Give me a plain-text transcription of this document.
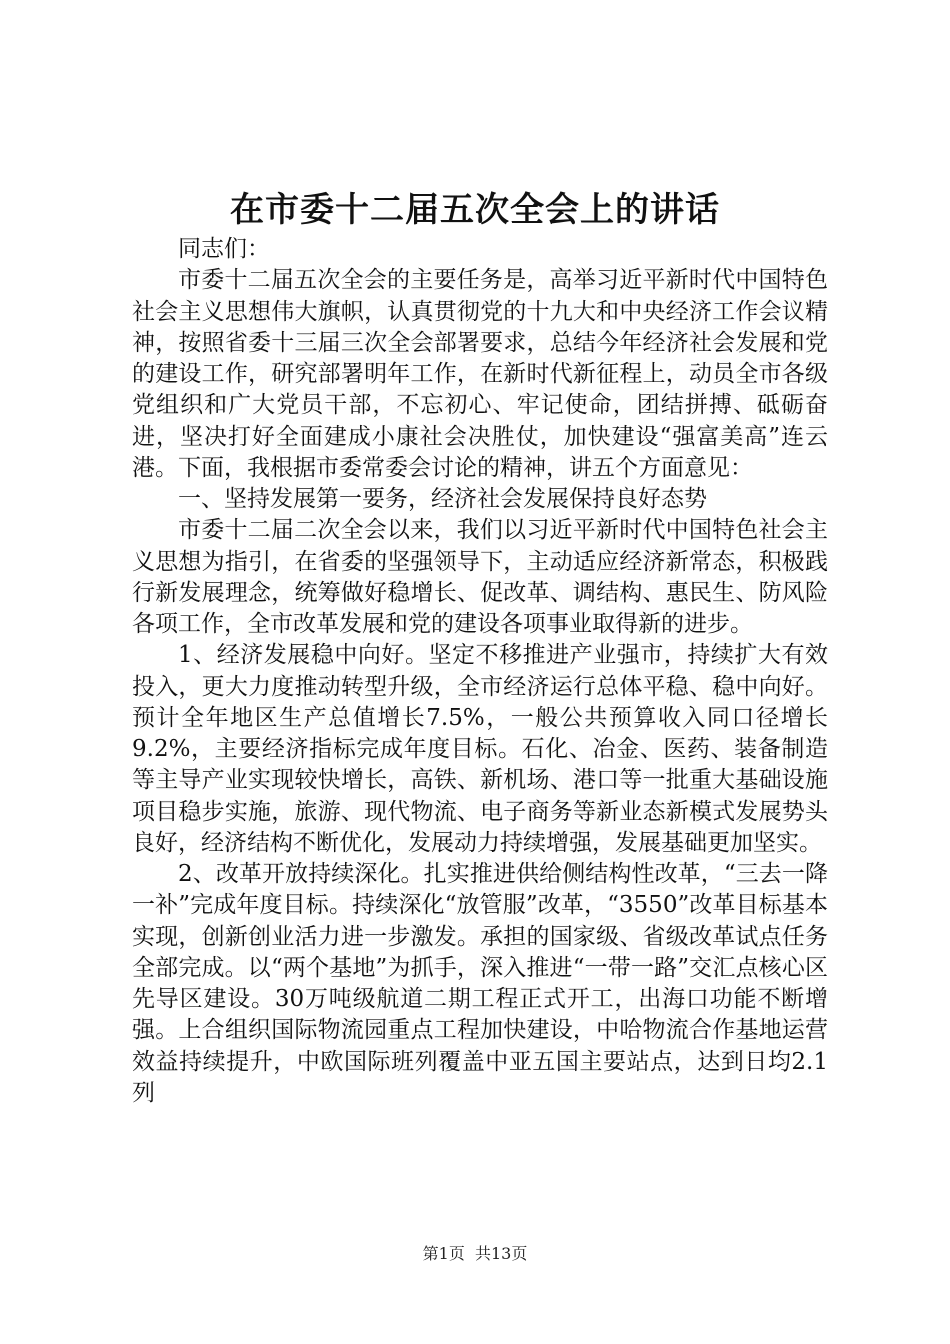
在市委十二届五次全会上的讲话

同志们：

市委十二届五次全会的主要任务是，高举习近平新时代中国特色社会主义思想伟大旗帜，认真贯彻党的十九大和中央经济工作会议精神，按照省委十三届三次全会部署要求，总结今年经济社会发展和党的建设工作，研究部署明年工作，在新时代新征程上，动员全市各级党组织和广大党员干部，不忘初心、牢记使命，团结拼搏、砥砺奋进，坚决打好全面建成小康社会决胜仗，加快建设“强富美高”连云港。下面，我根据市委常委会讨论的精神，讲五个方面意见：

一、坚持发展第一要务，经济社会发展保持良好态势

市委十二届二次全会以来，我们以习近平新时代中国特色社会主义思想为指引，在省委的坚强领导下，主动适应经济新常态，积极践行新发展理念，统筹做好稳增长、促改革、调结构、惠民生、防风险各项工作，全市改革发展和党的建设各项事业取得新的进步。

1、经济发展稳中向好。坚定不移推进产业强市，持续扩大有效投入，更大力度推动转型升级，全市经济运行总体平稳、稳中向好。预计全年地区生产总值增长7.5%，一般公共预算收入同口径增长9.2%，主要经济指标完成年度目标。石化、冶金、医药、装备制造等主导产业实现较快增长，高铁、新机场、港口等一批重大基础设施项目稳步实施，旅游、现代物流、电子商务等新业态新模式发展势头良好，经济结构不断优化，发展动力持续增强，发展基础更加坚实。

2、改革开放持续深化。扎实推进供给侧结构性改革，“三去一降一补”完成年度目标。持续深化“放管服”改革，“3550”改革目标基本实现，创新创业活力进一步激发。承担的国家级、省级改革试点任务全部完成。以“两个基地”为抓手，深入推进“一带一路”交汇点核心区先导区建设。30万吨级航道二期工程正式开工，出海口功能不断增强。上合组织国际物流园重点工程加快建设，中哈物流合作基地运营效益持续提升，中欧国际班列覆盖中亚五国主要站点，达到日均2.1列

第1页  共13页
